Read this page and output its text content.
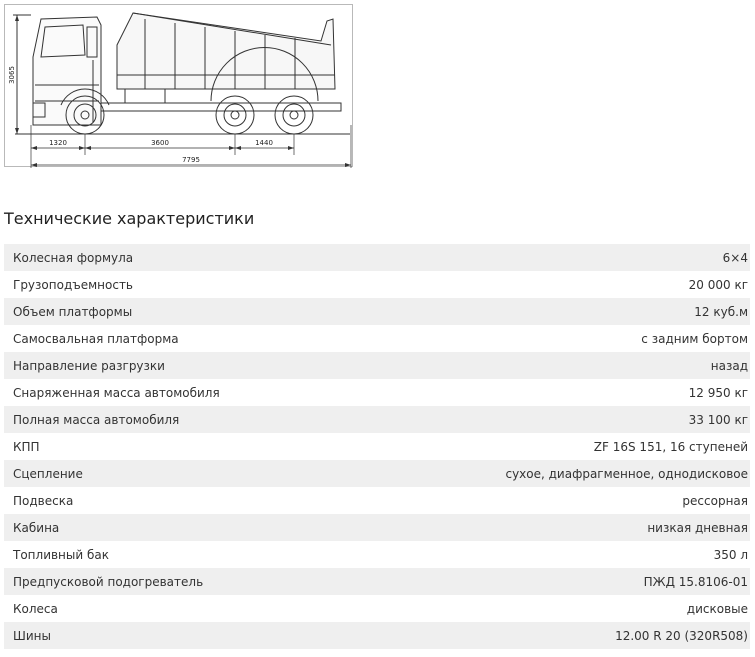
3065
1320	3600	1440
7795
Технические характеристики
Колесная формула	6×4
Грузоподъемность	20 000 кг
Объем платформы	12 куб.м
Самосвальная платформа	с задним бортом
Направление разгрузки	назад
Снаряженная масса автомобиля	12 950 кг
Полная масса автомобиля	33 100 кг
КПП	ZF 16S 151, 16 ступеней
Сцепление	сухое, диафрагменное, однодисковое
Подвеска	рессорная
Кабина	низкая дневная
Топливный бак	350 л
Предпусковой подогреватель	ПЖД 15.8106-01
Колеса	дисковые
Шины	12.00 R 20 (320R508)
